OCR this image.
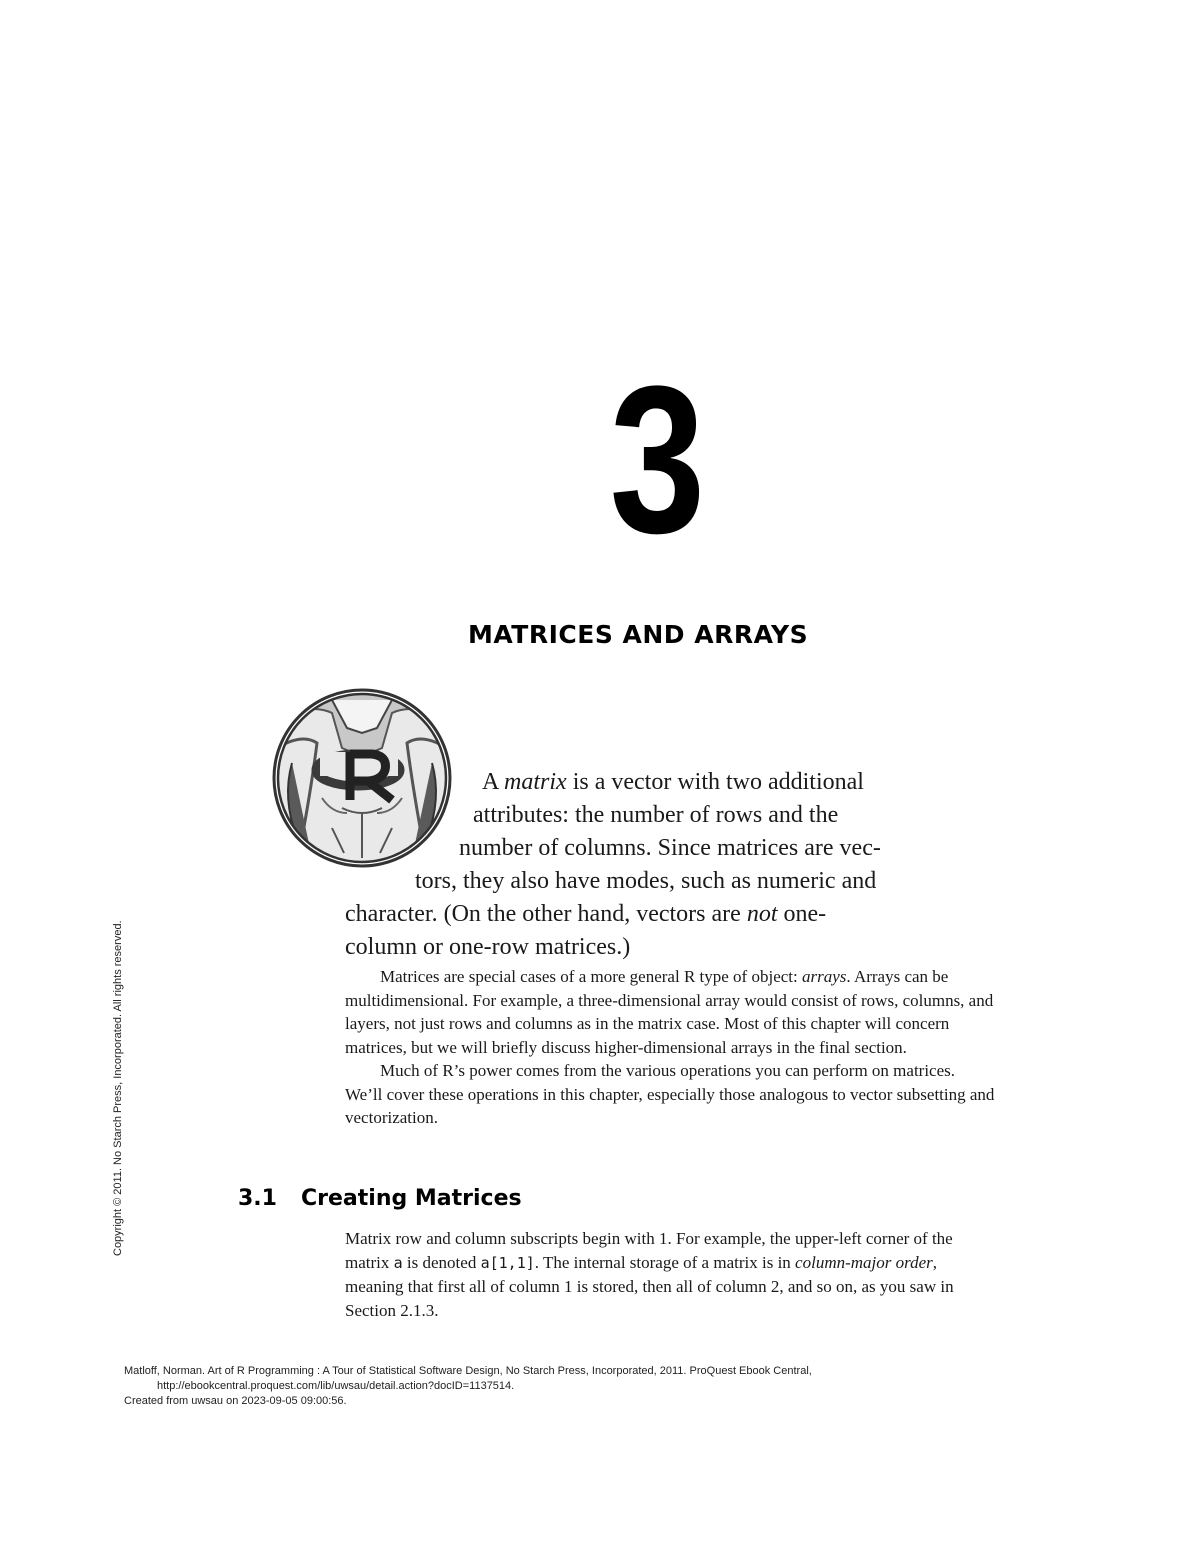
3
MATRICES AND ARRAYS
A matrix is a vector with two additional
attributes: the number of rows and the
number of columns. Since matrices are vec-
tors, they also have modes, such as numeric and
character. (On the other hand, vectors are not one-
column or one-row matrices.)

Matrices are special cases of a more general R type of object: arrays. Arrays can be multidimensional. For example, a three-dimensional array would consist of rows, columns, and layers, not just rows and columns as in the matrix case. Most of this chapter will concern matrices, but we will briefly discuss higher-dimensional arrays in the final section.

Much of R’s power comes from the various operations you can perform on matrices. We’ll cover these operations in this chapter, especially those analogous to vector subsetting and vectorization.

3.1 Creating Matrices

Matrix row and column subscripts begin with 1. For example, the upper-left corner of the matrix a is denoted a[1,1]. The internal storage of a matrix is in column-major order, meaning that first all of column 1 is stored, then all of column 2, and so on, as you saw in Section 2.1.3.

Copyright © 2011. No Starch Press, Incorporated. All rights reserved.
Matloff, Norman. Art of R Programming : A Tour of Statistical Software Design, No Starch Press, Incorporated, 2011. ProQuest Ebook Central,
http://ebookcentral.proquest.com/lib/uwsau/detail.action?docID=1137514.
Created from uwsau on 2023-09-05 09:00:56.
